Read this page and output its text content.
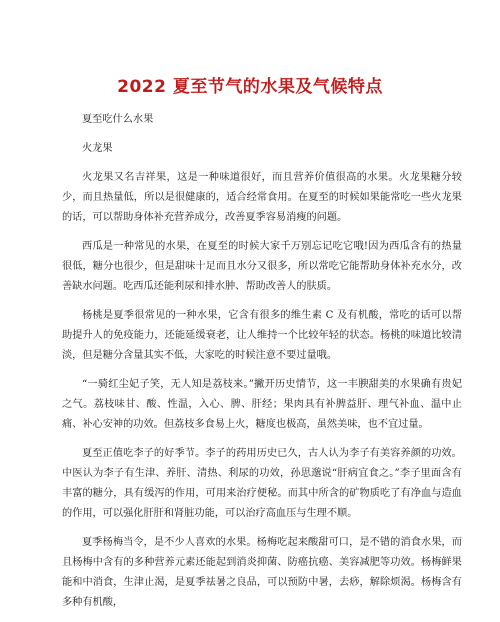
2022 夏至节气的水果及气候特点

夏至吃什么水果

火龙果

火龙果又名吉祥果，这是一种味道很好，而且营养价值很高的水果。火龙果糖分较少，而且热量低，所以是很健康的，适合经常食用。在夏至的时候如果能常吃一些火龙果的话，可以帮助身体补充营养成分，改善夏季容易消瘦的问题。

西瓜是一种常见的水果，在夏至的时候大家千万别忘记吃它哦!因为西瓜含有的热量很低，糖分也很少，但是甜味十足而且水分又很多，所以常吃它能帮助身体补充水分，改善缺水问题。吃西瓜还能利尿和排水肿、帮助改善人的肤质。

杨桃是夏季很常见的一种水果，它含有很多的维生素 C 及有机酸，常吃的话可以帮助提升人的免疫能力，还能延缓衰老，让人维持一个比较年轻的状态。杨桃的味道比较清淡，但是糖分含量其实不低，大家吃的时候注意不要过量哦。

“一骑红尘妃子笑，无人知是荔枝来。”撇开历史情节，这一丰腴甜美的水果确有贵妃之气。荔枝味甘、酸、性温，入心、脾、肝经；果肉具有补脾益肝、理气补血、温中止痛、补心安神的功效。但荔枝多食易上火，糖度也极高，虽然美味，也不宜过量。

夏至正值吃李子的好季节。李子的药用历史已久，古人认为李子有美容养颜的功效。中医认为李子有生津、养肝、清热、利尿的功效，孙思邈说“肝病宜食之。”李子里面含有丰富的糖分，具有缓泻的作用，可用来治疗便秘。而其中所含的矿物质吃了有净血与造血的作用，可以强化肝肝和肾脏功能，可以治疗高血压与生理不顺。

夏季杨梅当令，是不少人喜欢的水果。杨梅吃起来酸甜可口，是不错的消食水果，而且杨梅中含有的多种营养元素还能起到消炎抑菌、防癌抗癌、美容减肥等功效。杨梅鲜果能和中消食，生津止渴，是夏季祛暑之良品，可以预防中暑，去痧，解除烦渴。杨梅含有多种有机酸，
